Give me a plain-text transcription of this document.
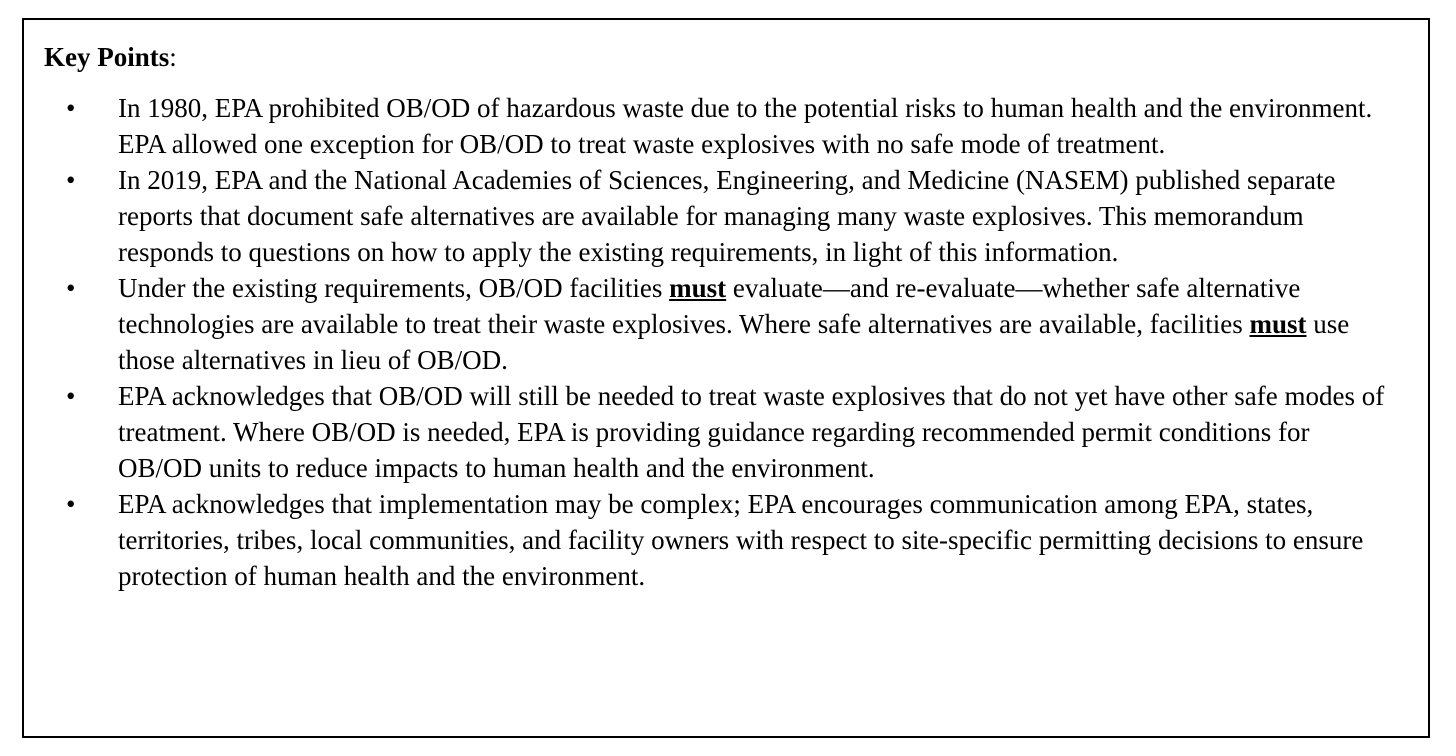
Key Points:
• In 1980, EPA prohibited OB/OD of hazardous waste due to the potential risks to human health and the environment. EPA allowed one exception for OB/OD to treat waste explosives with no safe mode of treatment.
• In 2019, EPA and the National Academies of Sciences, Engineering, and Medicine (NASEM) published separate reports that document safe alternatives are available for managing many waste explosives. This memorandum responds to questions on how to apply the existing requirements, in light of this information.
• Under the existing requirements, OB/OD facilities must evaluate—and re-evaluate—whether safe alternative technologies are available to treat their waste explosives. Where safe alternatives are available, facilities must use those alternatives in lieu of OB/OD.
• EPA acknowledges that OB/OD will still be needed to treat waste explosives that do not yet have other safe modes of treatment. Where OB/OD is needed, EPA is providing guidance regarding recommended permit conditions for OB/OD units to reduce impacts to human health and the environment.
• EPA acknowledges that implementation may be complex; EPA encourages communication among EPA, states, territories, tribes, local communities, and facility owners with respect to site-specific permitting decisions to ensure protection of human health and the environment.
